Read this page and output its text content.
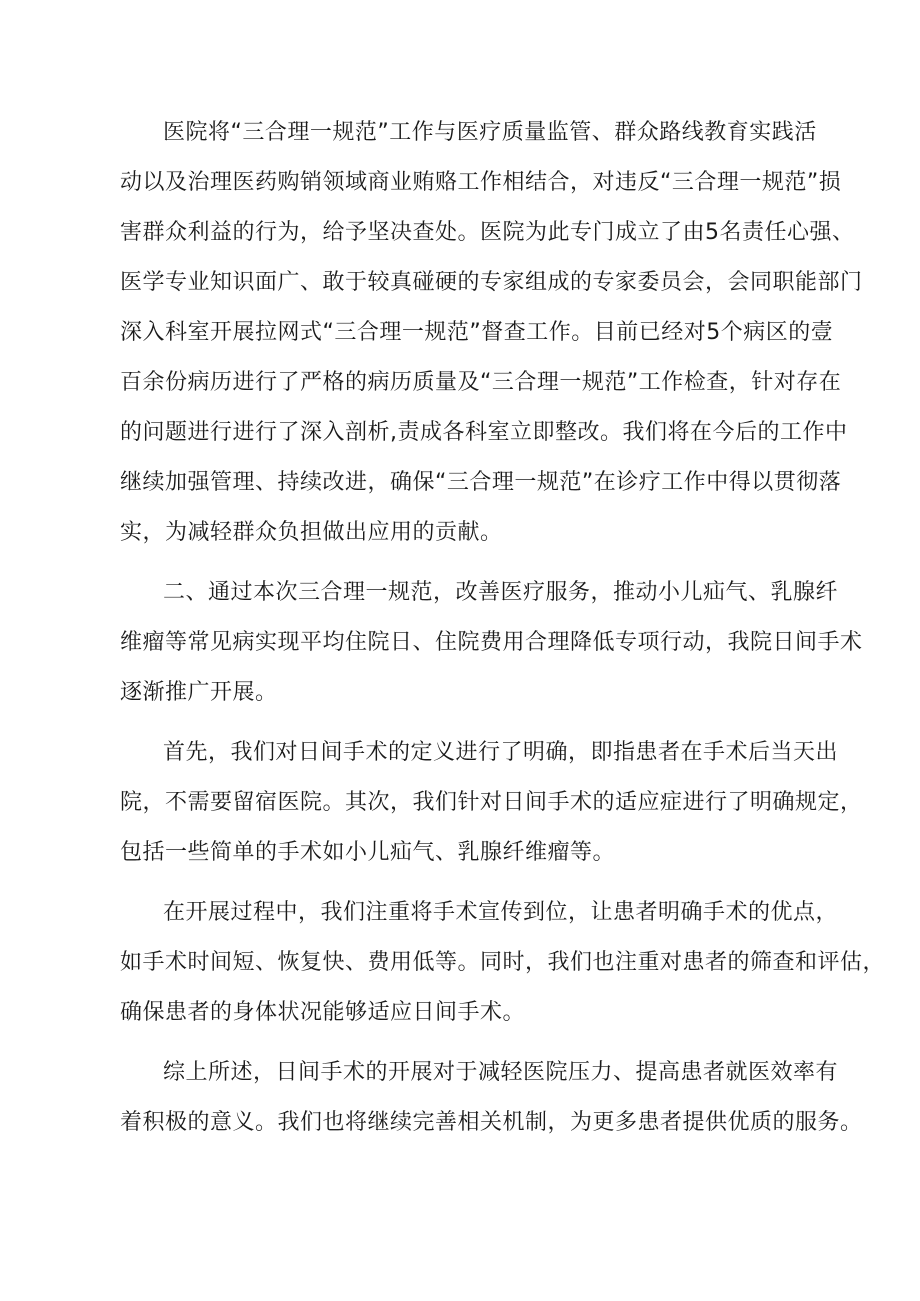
医院将“三合理一规范”工作与医疗质量监管、群众路线教育实践活
动以及治理医药购销领域商业贿赂工作相结合，对违反“三合理一规范”损
害群众利益的行为，给予坚决查处。医院为此专门成立了由5名责任心强、
医学专业知识面广、敢于较真碰硬的专家组成的专家委员会，会同职能部门
深入科室开展拉网式“三合理一规范”督查工作。目前已经对5个病区的壹
百余份病历进行了严格的病历质量及“三合理一规范”工作检查，针对存在
的问题进行进行了深入剖析,责成各科室立即整改。我们将在今后的工作中
继续加强管理、持续改进，确保“三合理一规范”在诊疗工作中得以贯彻落
实，为减轻群众负担做出应用的贡献。
二、通过本次三合理一规范，改善医疗服务，推动小儿疝气、乳腺纤
维瘤等常见病实现平均住院日、住院费用合理降低专项行动，我院日间手术
逐渐推广开展。
首先，我们对日间手术的定义进行了明确，即指患者在手术后当天出
院，不需要留宿医院。其次，我们针对日间手术的适应症进行了明确规定，
包括一些简单的手术如小儿疝气、乳腺纤维瘤等。
在开展过程中，我们注重将手术宣传到位，让患者明确手术的优点，
如手术时间短、恢复快、费用低等。同时，我们也注重对患者的筛查和评估，
确保患者的身体状况能够适应日间手术。
综上所述，日间手术的开展对于减轻医院压力、提高患者就医效率有
着积极的意义。我们也将继续完善相关机制，为更多患者提供优质的服务。
